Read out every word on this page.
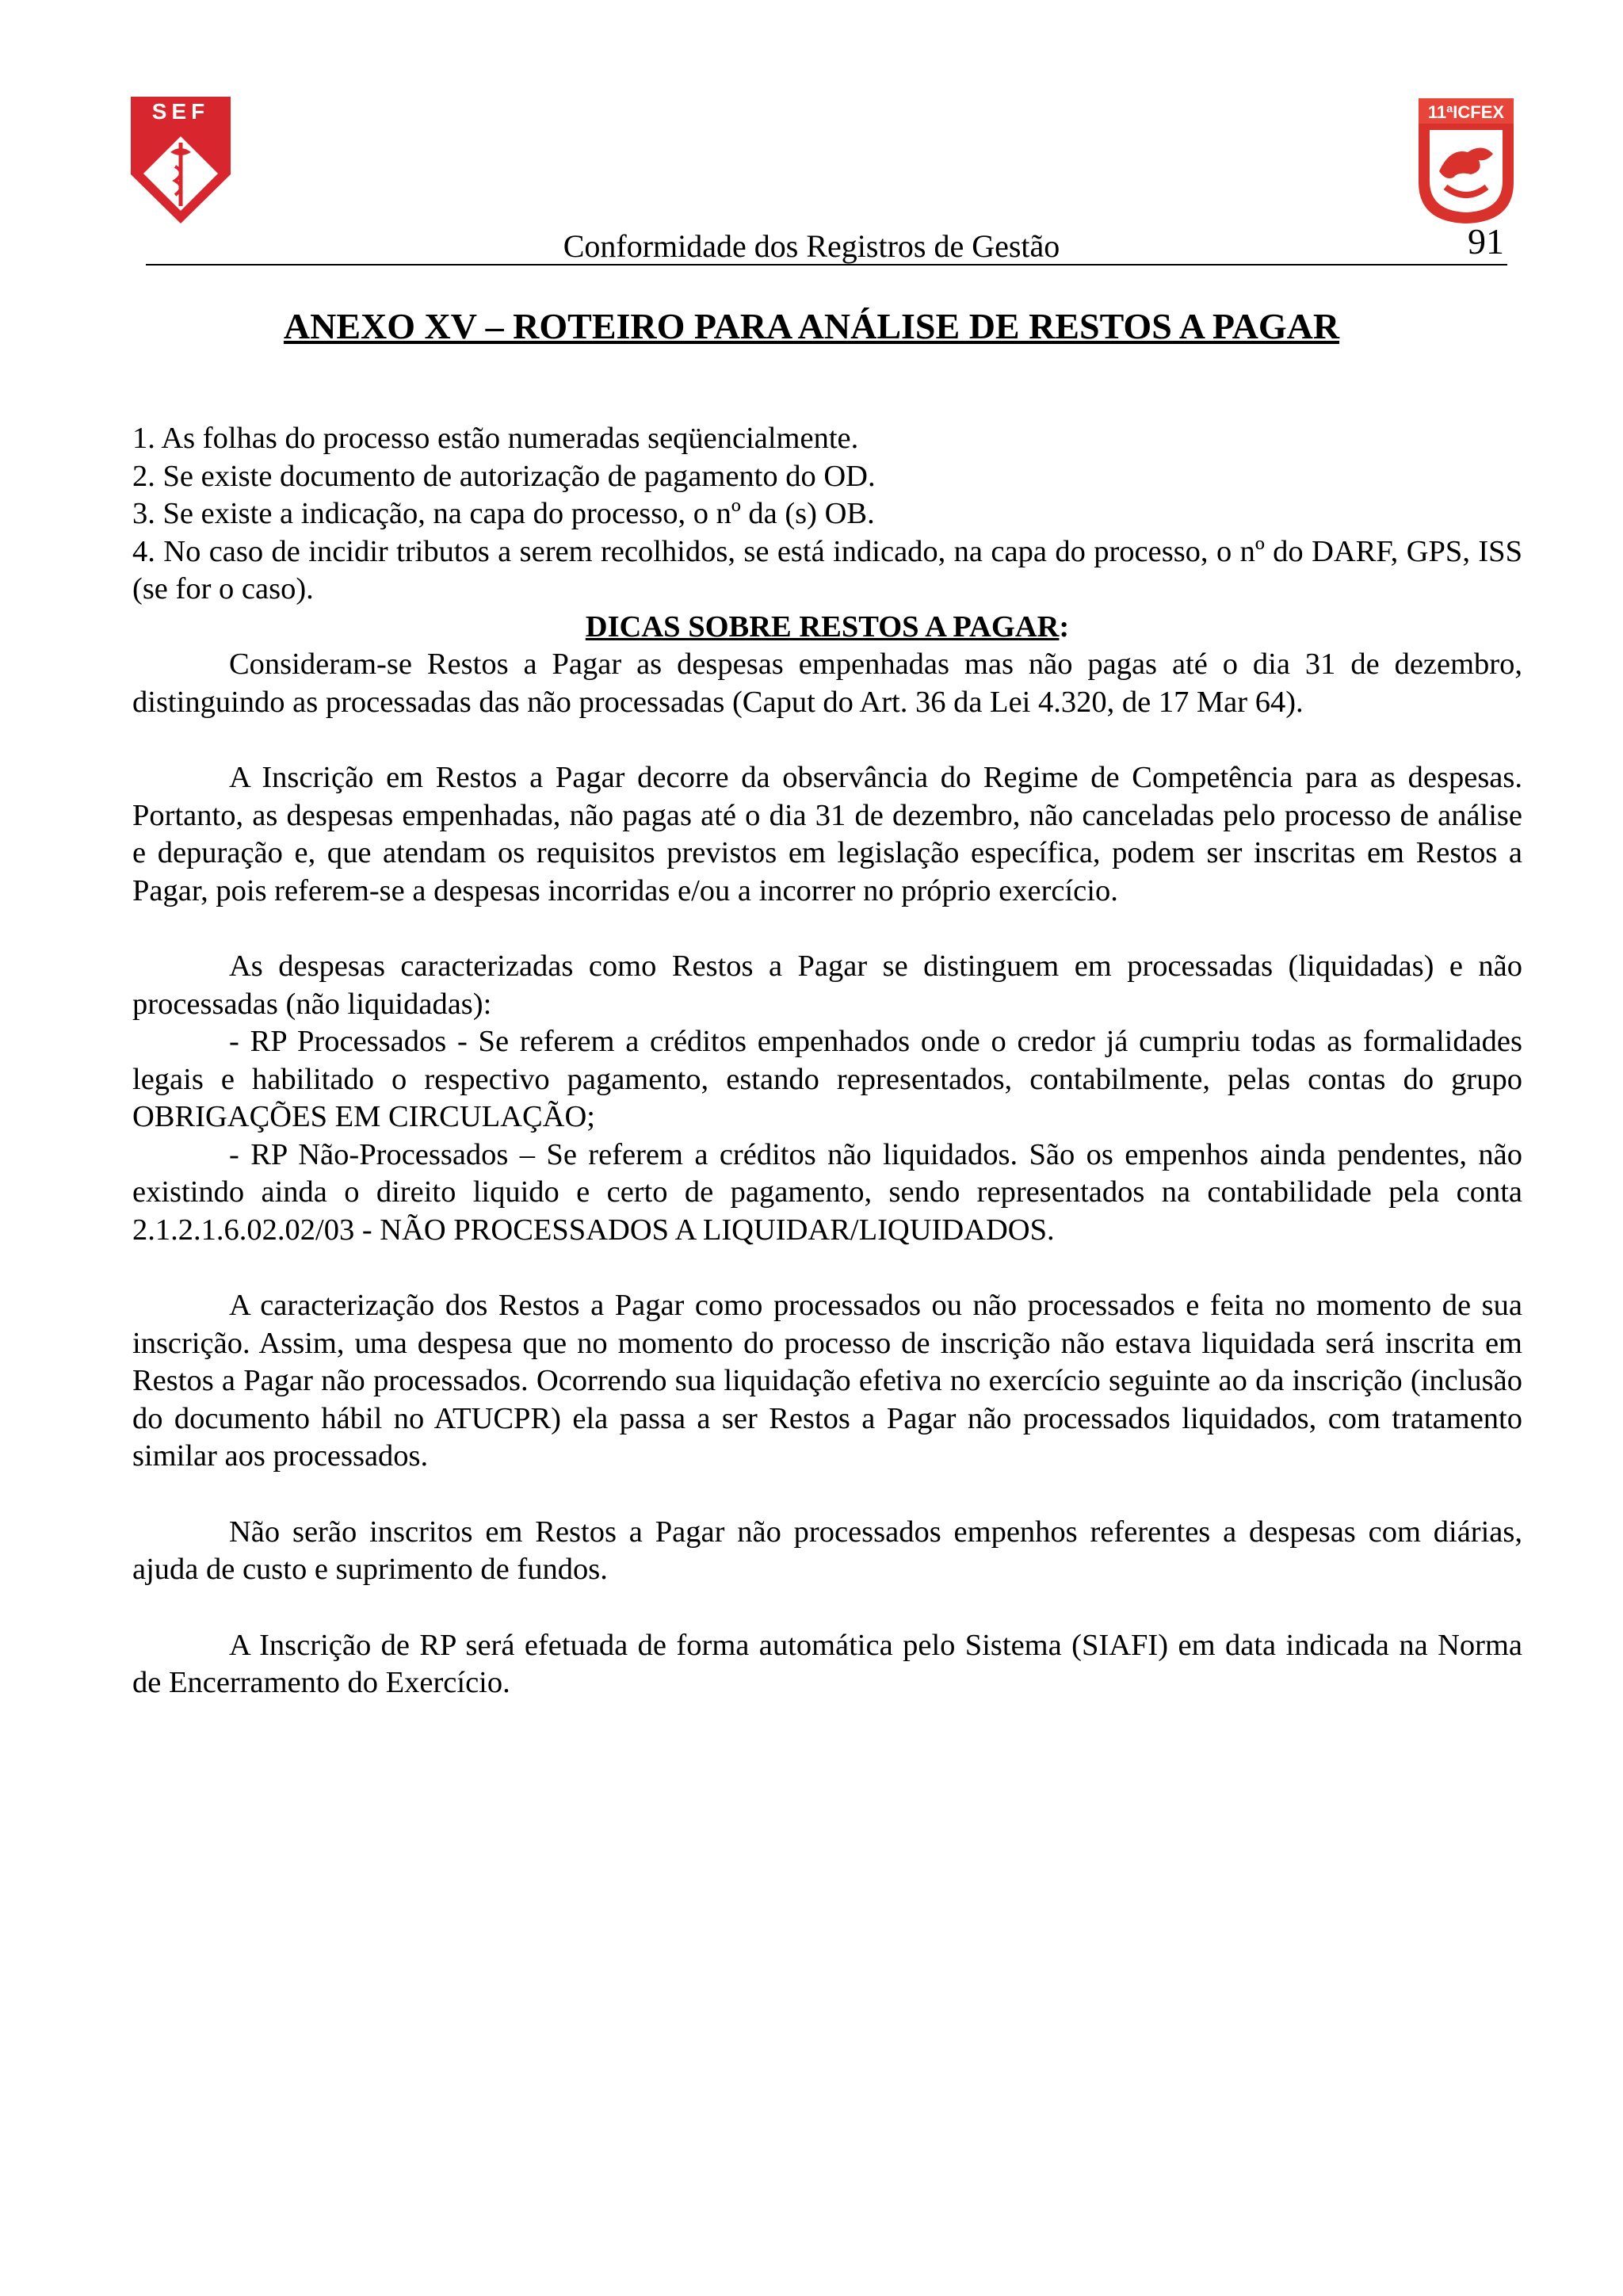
SEF	11ªICFEX
Conformidade dos Registros de Gestão	91
ANEXO XV – ROTEIRO PARA ANÁLISE DE RESTOS A PAGAR

1. As folhas do processo estão numeradas seqüencialmente.

2. Se existe documento de autorização de pagamento do OD.

3. Se existe a indicação, na capa do processo, o nº da (s) OB.

4. No caso de incidir tributos a serem recolhidos, se está indicado, na capa do processo, o nº do DARF, GPS, ISS (se for o caso).

DICAS SOBRE RESTOS A PAGAR:

Consideram-se Restos a Pagar as despesas empenhadas mas não pagas até o dia 31 de dezembro, distinguindo as processadas das não processadas (Caput do Art. 36 da Lei 4.320, de 17 Mar 64).

A Inscrição em Restos a Pagar decorre da observância do Regime de Competência para as despesas. Portanto, as despesas empenhadas, não pagas até o dia 31 de dezembro, não canceladas pelo processo de análise e depuração e, que atendam os requisitos previstos em legislação específica, podem ser inscritas em Restos a Pagar, pois referem-se a despesas incorridas e/ou a incorrer no próprio exercício.

As despesas caracterizadas como Restos a Pagar se distinguem em processadas (liquidadas) e não processadas (não liquidadas):

- RP Processados - Se referem a créditos empenhados onde o credor já cumpriu todas as formalidades legais e habilitado o respectivo pagamento, estando representados, contabilmente, pelas contas do grupo OBRIGAÇÕES EM CIRCULAÇÃO;

- RP Não-Processados – Se referem a créditos não liquidados. São os empenhos ainda pendentes, não existindo ainda o direito liquido e certo de pagamento, sendo representados na contabilidade pela conta 2.1.2.1.6.02.02/03 - NÃO PROCESSADOS A LIQUIDAR/LIQUIDADOS.

A caracterização dos Restos a Pagar como processados ou não processados e feita no momento de sua inscrição. Assim, uma despesa que no momento do processo de inscrição não estava liquidada será inscrita em Restos a Pagar não processados. Ocorrendo sua liquidação efetiva no exercício seguinte ao da inscrição (inclusão do documento hábil no ATUCPR) ela passa a ser Restos a Pagar não processados liquidados, com tratamento similar aos processados.

Não serão inscritos em Restos a Pagar não processados empenhos referentes a despesas com diárias, ajuda de custo e suprimento de fundos.

A Inscrição de RP será efetuada de forma automática pelo Sistema (SIAFI) em data indicada na Norma de Encerramento do Exercício.
